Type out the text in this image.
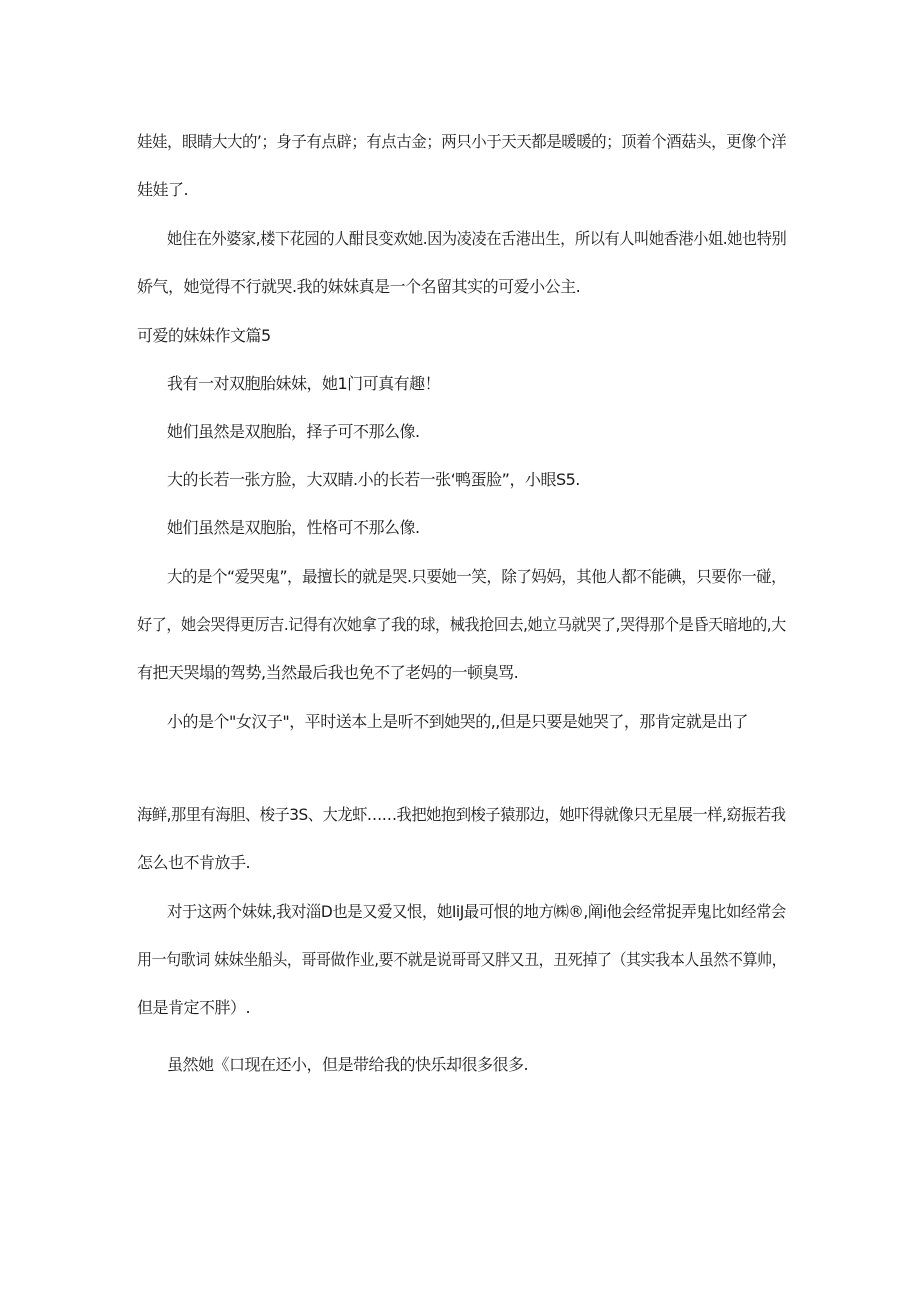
娃娃，眼睛大大的’；身子有点辟；有点古金；两只小于天天都是暖暖的；顶着个酒菇头，更像个洋
娃娃了.
她住在外婆家,楼下花园的人酣艮变欢她.因为凌凌在舌港出生，所以有人叫她香港小姐.她也特别
娇气，她觉得不行就哭.我的妹妹真是一个名留其实的可爱小公主.
可爱的妹妹作文篇5
我有一对双胞胎妹妹，她1门可真有趣！
她们虽然是双胞胎，择子可不那么像.
大的长若一张方脸，大双睛.小的长若一张‘鸭蛋脸”，小眼S5.
她们虽然是双胞胎，性格可不那么像.
大的是个“爱哭鬼”，最擅长的就是哭.只要她一笑，除了妈妈，其他人都不能碘，只要你一碰，
好了，她会哭得更厉吉.记得有次她拿了我的球，械我抢回去,她立马就哭了,哭得那个是昏天暗地的,大
有把天哭塌的驾势,当然最后我也免不了老妈的一顿臭骂.
小的是个"女汉子"，平时送本上是听不到她哭的,,但是只要是她哭了，那肯定就是出了
海鲜,那里有海胆、梭子3S、大龙虾……我把她抱到梭子猿那边，她吓得就像只无星展一样,窈振若我
怎么也不肯放手.
对于这两个妹妹,我对淄D也是又爱又恨，她IiJ最可恨的地方㈱®,阐i他会经常捉弄鬼比如经常会
用一句歌词 妹妹坐船头，哥哥做作业,要不就是说哥哥又胖又丑，丑死掉了（其实我本人虽然不算帅，
但是肯定不胖）.
虽然她《口现在还小，但是带给我的快乐却很多很多.
